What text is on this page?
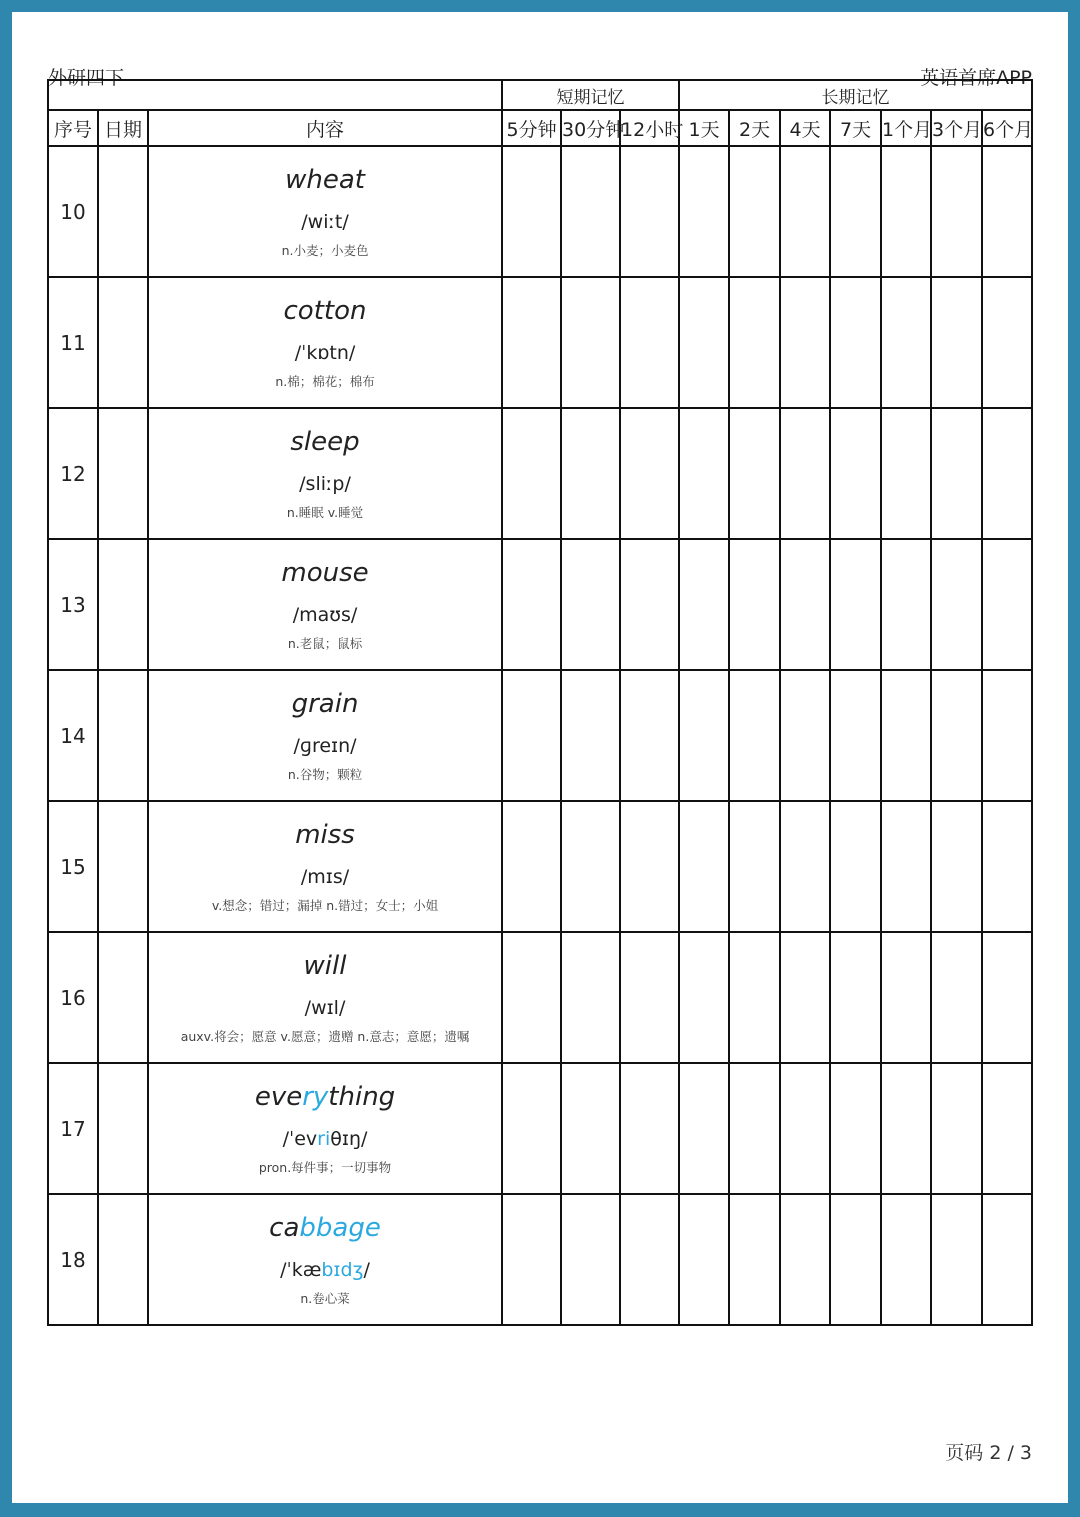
外研四下	英语首席APP
			短期记忆			长期记忆						
序号	日期	内容	5分钟	30分钟	12小时	1天	2天	4天	7天	1个月	3个月	6个月
10		wheat
/wiːt/
n.小麦；小麦色										

11		cotton
/ˈkɒtn/
n.棉；棉花；棉布										

12		sleep
/sliːp/
n.睡眠 v.睡觉										

13		mouse
/maʊs/
n.老鼠；鼠标										

14		grain
/ɡreɪn/
n.谷物；颗粒										

15		miss
/mɪs/
v.想念；错过；漏掉 n.错过；女士；小姐										

16		will
/wɪl/
auxv.将会；愿意 v.愿意；遗赠 n.意志；意愿；遗嘱										

17		everything
/ˈevriθɪŋ/
pron.每件事；一切事物										

18		cabbage
/ˈkæbɪdʒ/
n.卷心菜										

页码 2 / 3
